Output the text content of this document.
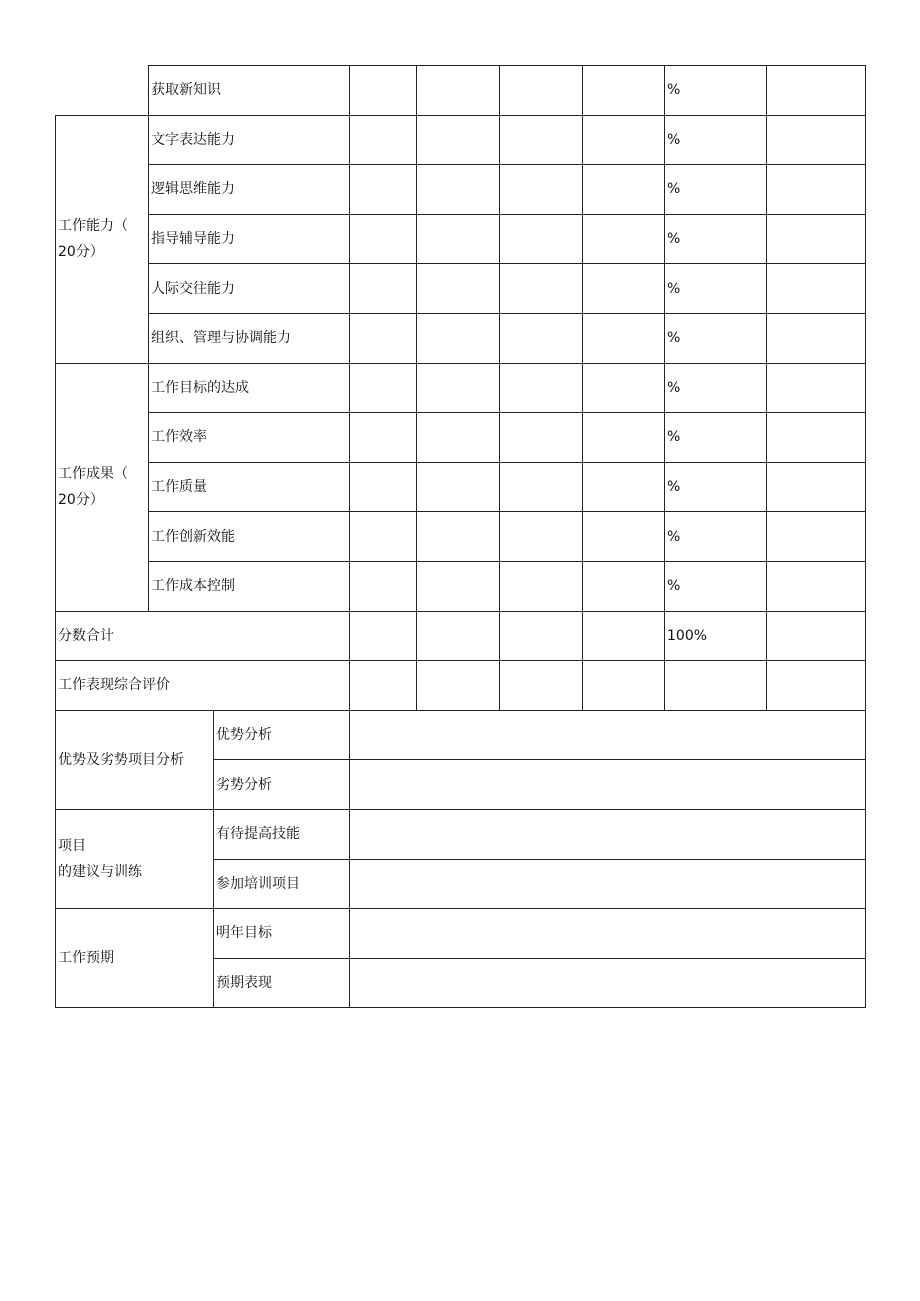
	获取新知识						%	
工作能力（
20分）	文字表达能力						%	
	逻辑思维能力						%	
	指导辅导能力						%	
	人际交往能力						%	
	组织、管理与协调能力						%	
工作成果（
20分）	工作目标的达成						%	
	工作效率						%	
	工作质量						%	
	工作创新效能						%	
	工作成本控制						%	
分数合计							100%	
工作表现综合评价								
优势及劣势项目分析		优势分析						
		劣势分析						
项目
的建议与训练		有待提高技能						
		参加培训项目						
工作预期		明年目标						
		预期表现						
